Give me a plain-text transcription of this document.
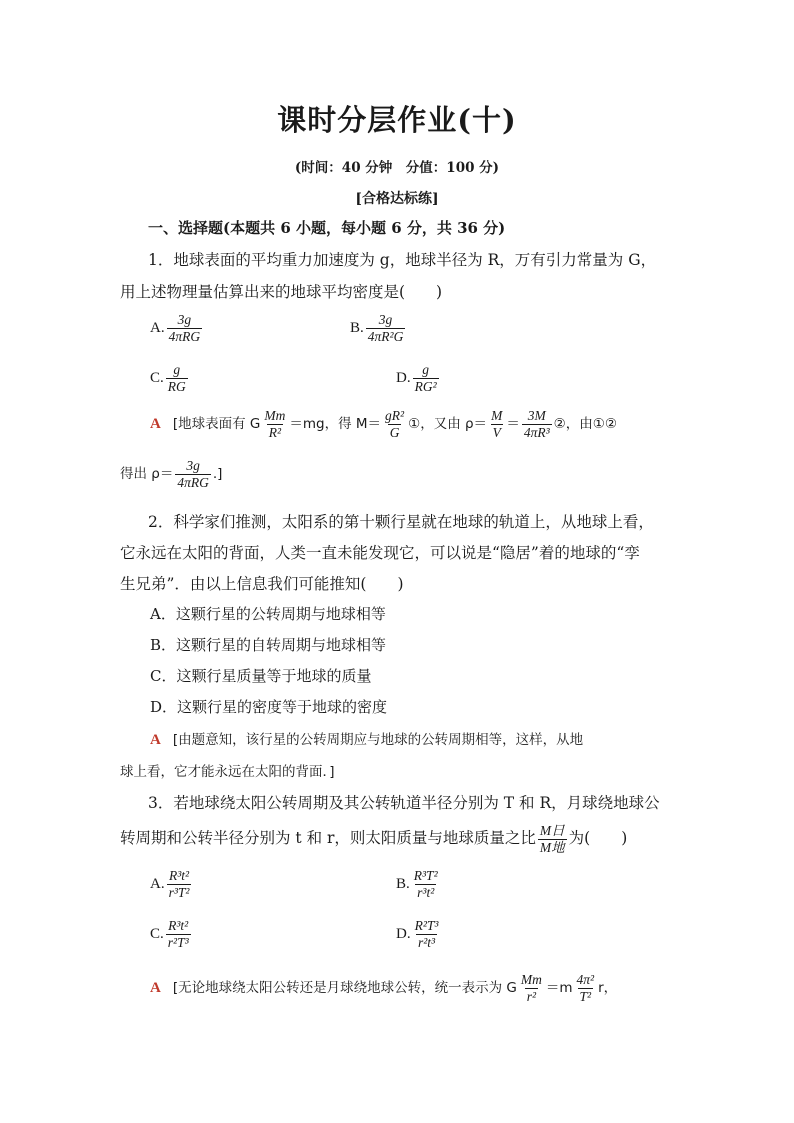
课时分层作业(十)
(时间：40 分钟　分值：100 分)
[合格达标练]
一、选择题(本题共 6 小题，每小题 6 分，共 36 分)
1．地球表面的平均重力加速度为 g，地球半径为 R，万有引力常量为 G，
用上述物理量估算出来的地球平均密度是(　　)
A. $\frac{3g}{\text{4πRG}}$	B. $\frac{3g}{\text{4πR²G}}$
C. $\frac{g}{RG}$	D. $\frac{g}{\text{RG²}}$
A [地球表面有 G $\frac{Mm}{\text{R²}} =mg$，得 $M= \frac{\text{gR²}}{G}$ ①，又由 $\rho= \frac{M}{V} = \frac{3M}{\text{4πR³}}$ ②，由①②
得出 $\rho= \frac{3g}{\text{4πRG}}$ .]
2．科学家们推测，太阳系的第十颗行星就在地球的轨道上，从地球上看，
它永远在太阳的背面，人类一直未能发现它，可以说是“隐居”着的地球的“孪
生兄弟”．由以上信息我们可能推知(　　)
A．这颗行星的公转周期与地球相等
B．这颗行星的自转周期与地球相等
C．这颗行星质量等于地球的质量
D．这颗行星的密度等于地球的密度
A [由题意知，该行星的公转周期应与地球的公转周期相等，这样，从地
球上看，它才能永远在太阳的背面．]
3．若地球绕太阳公转周期及其公转轨道半径分别为 T 和 R，月球绕地球公
转周期和公转半径分别为 t 和 r，则太阳质量与地球质量之比 $\frac{\text{M日}}{\text{M地}}$ 为(　　)
A. $\frac{\text{R³t²}}{\text{r³T²}}$	B. $\frac{\text{R³T²}}{\text{r³t²}}$
C. $\frac{\text{R³t²}}{\text{r²T³}}$	D. $\frac{\text{R²T³}}{\text{r²t³}}$
A [无论地球绕太阳公转还是月球绕地球公转，统一表示为 G $\frac{Mm}{\text{r²}} =m \frac{\text{4π²}}{\text{T²}}$ r，
